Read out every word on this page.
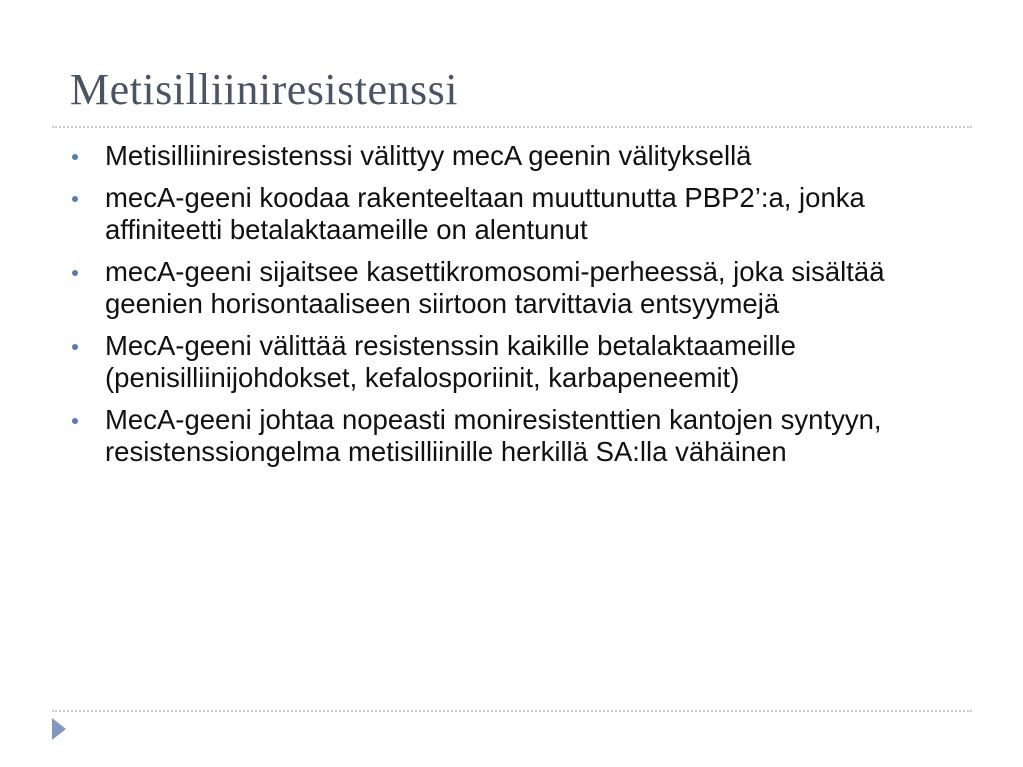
Metisilliiniresistenssi
Metisilliiniresistenssi välittyy mecA geenin välityksellä
mecA-geeni koodaa rakenteeltaan muuttunutta PBP2’:a, jonka affiniteetti betalaktaameille on alentunut
mecA-geeni sijaitsee kasettikromosomi-perheessä, joka sisältää geenien horisontaaliseen siirtoon tarvittavia entsyymejä
MecA-geeni välittää resistenssin kaikille betalaktaameille (penisilliinijohdokset, kefalosporiinit, karbapeneemit)
MecA-geeni johtaa nopeasti moniresistenttien kantojen syntyyn, resistenssiongelma metisilliinille herkillä SA:lla vähäinen
